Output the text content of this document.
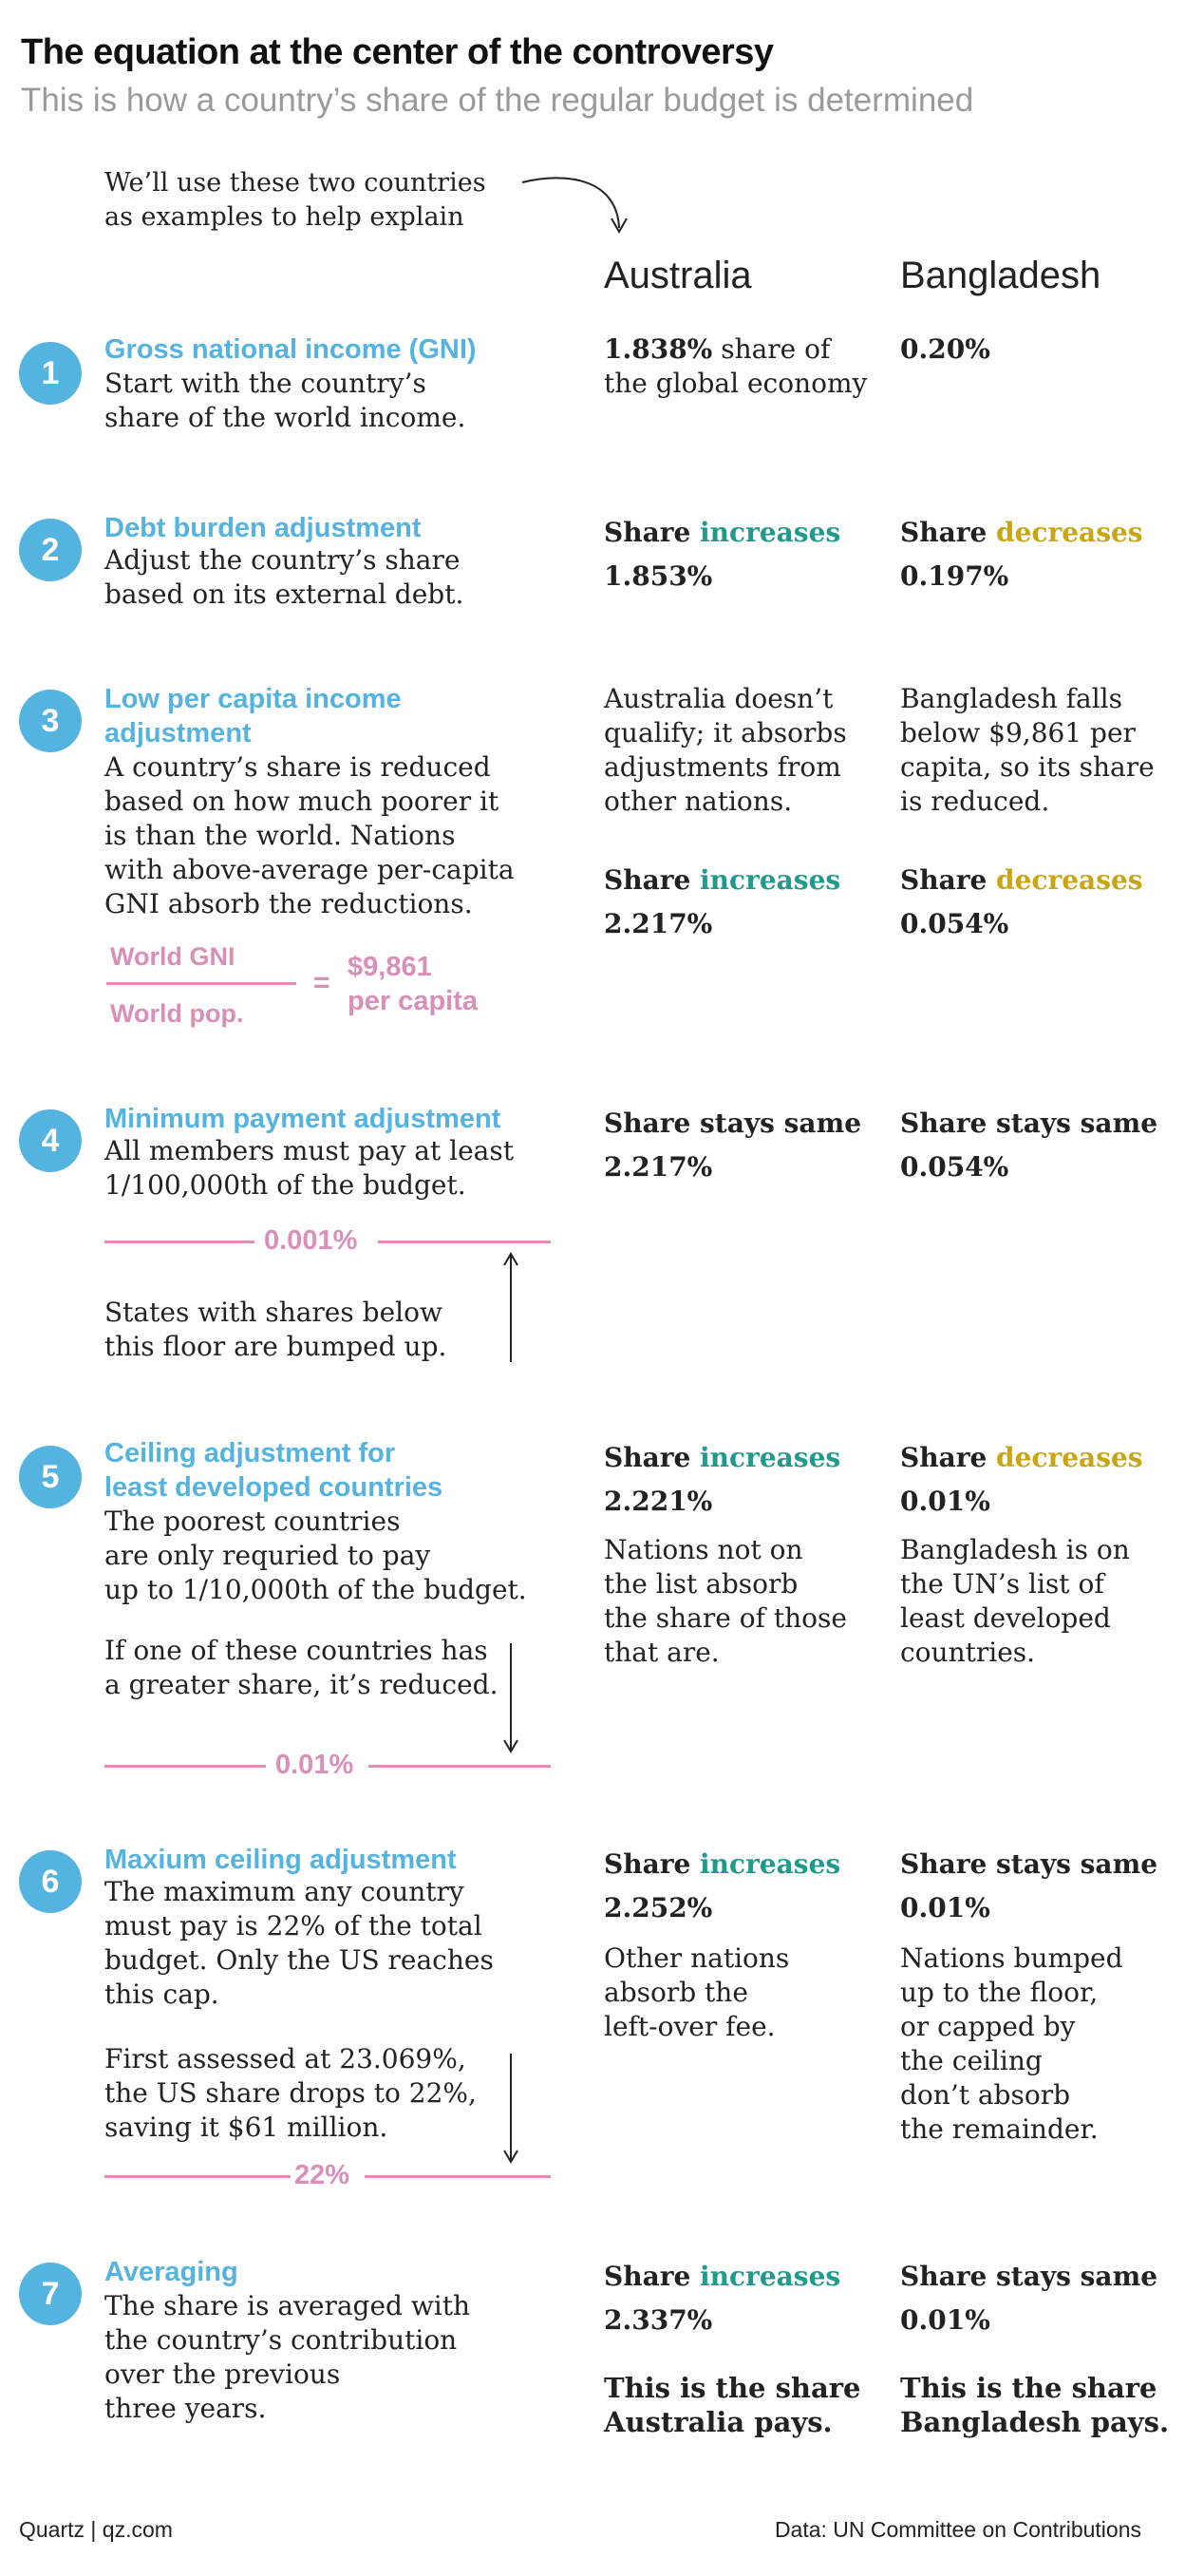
The equation at the center of the controversy
This is how a country’s share of the regular budget is determined
We’ll use these two countries
as examples to help explain
Australia	Bangladesh
1
Gross national income (GNI)
Start with the country’s
share of the world income.
1.838% share of
the global economy
0.20%
2
Debt burden adjustment
Adjust the country’s share
based on its external debt.
Share increases
1.853%
Share decreases
0.197%
3
Low per capita income
adjustment
A country’s share is reduced
based on how much poorer it
is than the world. Nations
with above-average per-capita
GNI absorb the reductions.
World GNI
World pop.
= $9,861
per capita
Australia doesn’t
qualify; it absorbs
adjustments from
other nations.
Bangladesh falls
below $9,861 per
capita, so its share
is reduced.
Share increases
2.217%
Share decreases
0.054%
4
Minimum payment adjustment
All members must pay at least
1/100,000th of the budget.
0.001%
States with shares below
this floor are bumped up.
Share stays same
2.217%
Share stays same
0.054%
5
Ceiling adjustment for
least developed countries
The poorest countries
are only requried to pay
up to 1/10,000th of the budget.
If one of these countries has
a greater share, it’s reduced.
0.01%
Share increases
2.221%
Nations not on
the list absorb
the share of those
that are.
Share decreases
0.01%
Bangladesh is on
the UN’s list of
least developed
countries.
6
Maxium ceiling adjustment
The maximum any country
must pay is 22% of the total
budget. Only the US reaches
this cap.
First assessed at 23.069%,
the US share drops to 22%,
saving it $61 million.
22%
Share increases
2.252%
Other nations
absorb the
left-over fee.
Share stays same
0.01%
Nations bumped
up to the floor,
or capped by
the ceiling
don’t absorb
the remainder.
7
Averaging
The share is averaged with
the country’s contribution
over the previous
three years.
Share increases
2.337%
This is the share
Australia pays.
Share stays same
0.01%
This is the share
Bangladesh pays.
Quartz | qz.com	Data: UN Committee on Contributions
